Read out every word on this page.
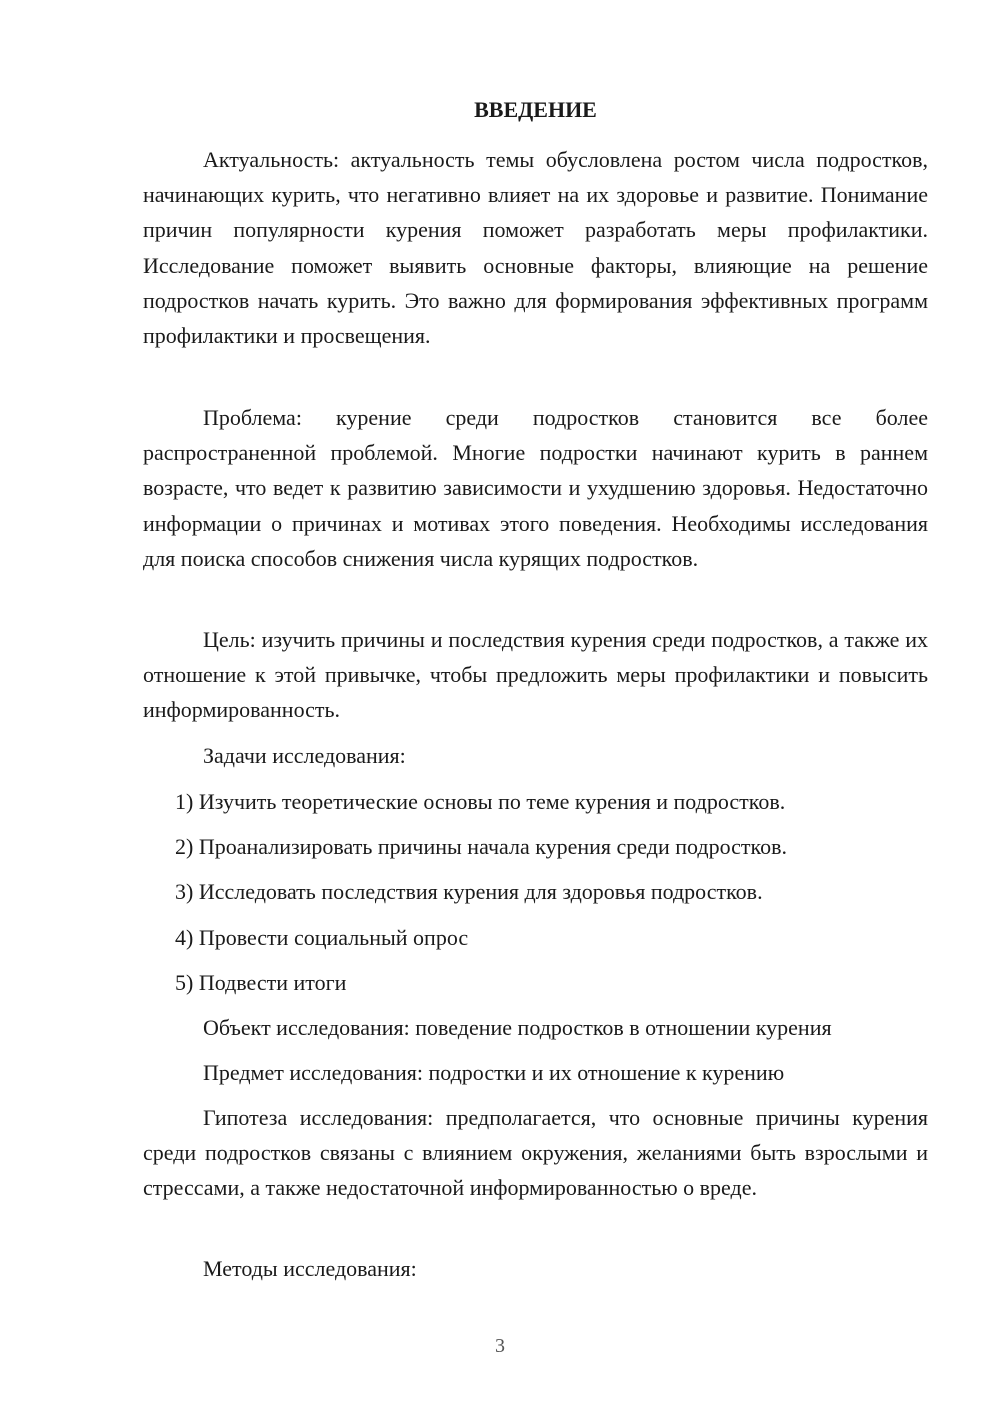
ВВЕДЕНИЕ

Актуальность: актуальность темы обусловлена ростом числа подростков, начинающих курить, что негативно влияет на их здоровье и развитие. Понимание причин популярности курения поможет разработать меры профилактики. Исследование поможет выявить основные факторы, влияющие на решение подростков начать курить. Это важно для формирования эффективных программ профилактики и просвещения.

Проблема: курение среди подростков становится все более распространенной проблемой. Многие подростки начинают курить в раннем возрасте, что ведет к развитию зависимости и ухудшению здоровья. Недостаточно информации о причинах и мотивах этого поведения. Необходимы исследования для поиска способов снижения числа курящих подростков.

Цель: изучить причины и последствия курения среди подростков, а также их отношение к этой привычке, чтобы предложить меры профилактики и повысить информированность.

Задачи исследования:

1) Изучить теоретические основы по теме курения и подростков.

2) Проанализировать причины начала курения среди подростков.

3) Исследовать последствия курения для здоровья подростков.

4) Провести социальный опрос

5) Подвести итоги

Объект исследования: поведение подростков в отношении курения

Предмет исследования: подростки и их отношение к курению

Гипотеза исследования: предполагается, что основные причины курения среди подростков связаны с влиянием окружения, желаниями быть взрослыми и стрессами, а также недостаточной информированностью о вреде.

Методы исследования:

3
